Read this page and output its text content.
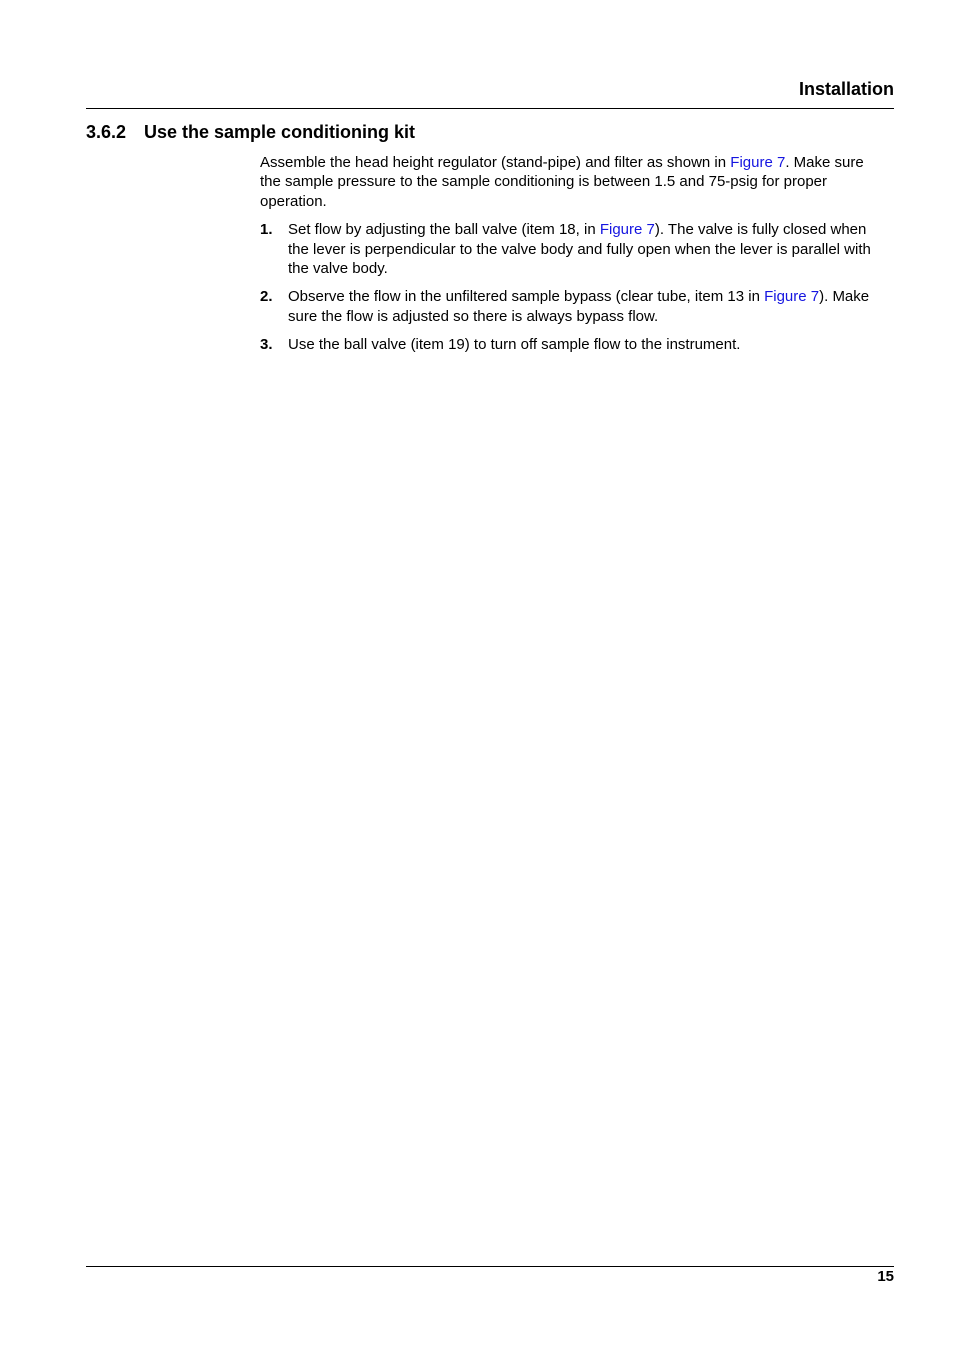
Installation
3.6.2 Use the sample conditioning kit

Assemble the head height regulator (stand-pipe) and filter as shown in Figure 7. Make sure the sample pressure to the sample conditioning is between 1.5 and 75-psig for proper operation.

1. Set flow by adjusting the ball valve (item 18, in Figure 7). The valve is fully closed when the lever is perpendicular to the valve body and fully open when the lever is parallel with the valve body.
2. Observe the flow in the unfiltered sample bypass (clear tube, item 13 in Figure 7). Make sure the flow is adjusted so there is always bypass flow.
3. Use the ball valve (item 19) to turn off sample flow to the instrument.
15
